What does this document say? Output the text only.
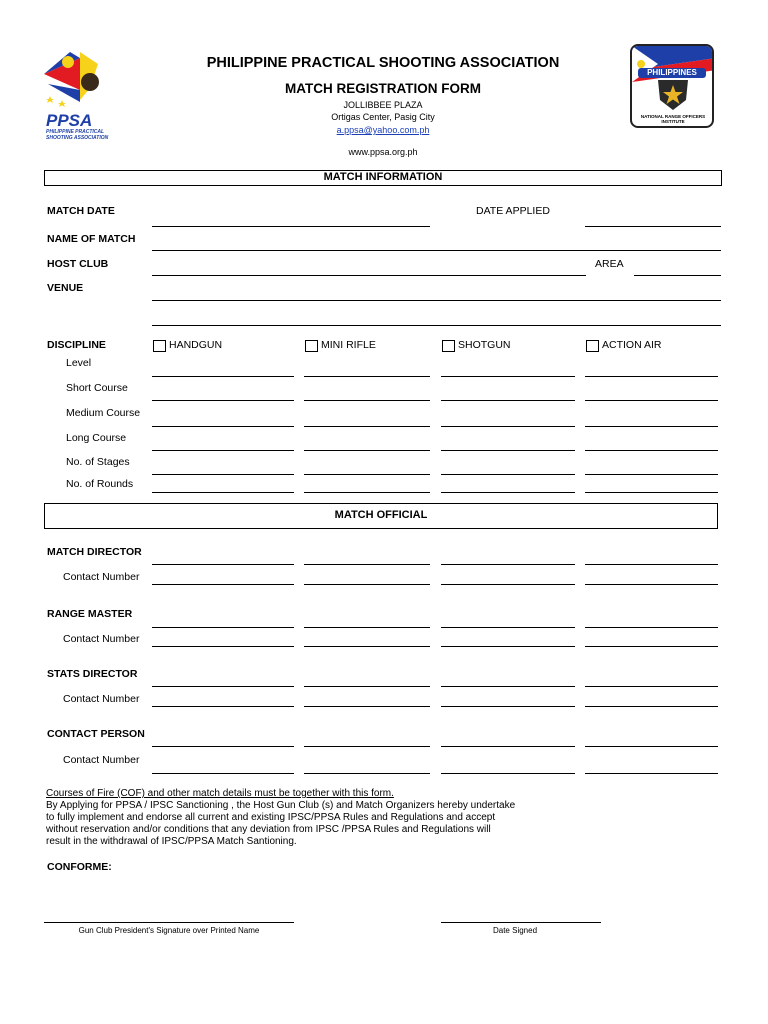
PPSA
PHILIPPINE PRACTICAL SHOOTING ASSOCIATION
PHILIPPINES
NATIONAL RANGE OFFICERS INSTITUTE
PHILIPPINE PRACTICAL SHOOTING ASSOCIATION
MATCH REGISTRATION FORM
JOLLIBBEE PLAZA
Ortigas Center, Pasig City
a.ppsa@yahoo.com.ph
www.ppsa.org.ph
MATCH INFORMATION
MATCH DATE	DATE APPLIED
NAME OF MATCH
HOST CLUB	AREA
VENUE
DISCIPLINE	HANDGUN	MINI RIFLE	SHOTGUN	ACTION AIR
Level
Short Course
Medium Course
Long Course
No. of Stages
No. of Rounds
MATCH OFFICIAL
MATCH DIRECTOR
Contact Number
RANGE MASTER
Contact Number
STATS DIRECTOR
Contact Number
CONTACT PERSON
Contact Number
Courses of Fire (COF) and other match details must be together with this form.
By Applying for PPSA / IPSC Sanctioning , the Host Gun Club (s) and Match Organizers hereby undertake
to fully implement and endorse all current and existing IPSC/PPSA Rules and Regulations and accept
without reservation and/or conditions that any deviation from IPSC /PPSA Rules and Regulations will
result in the withdrawal of IPSC/PPSA Match Santioning.
CONFORME:
Gun Club President's Signature over Printed Name	Date Signed
